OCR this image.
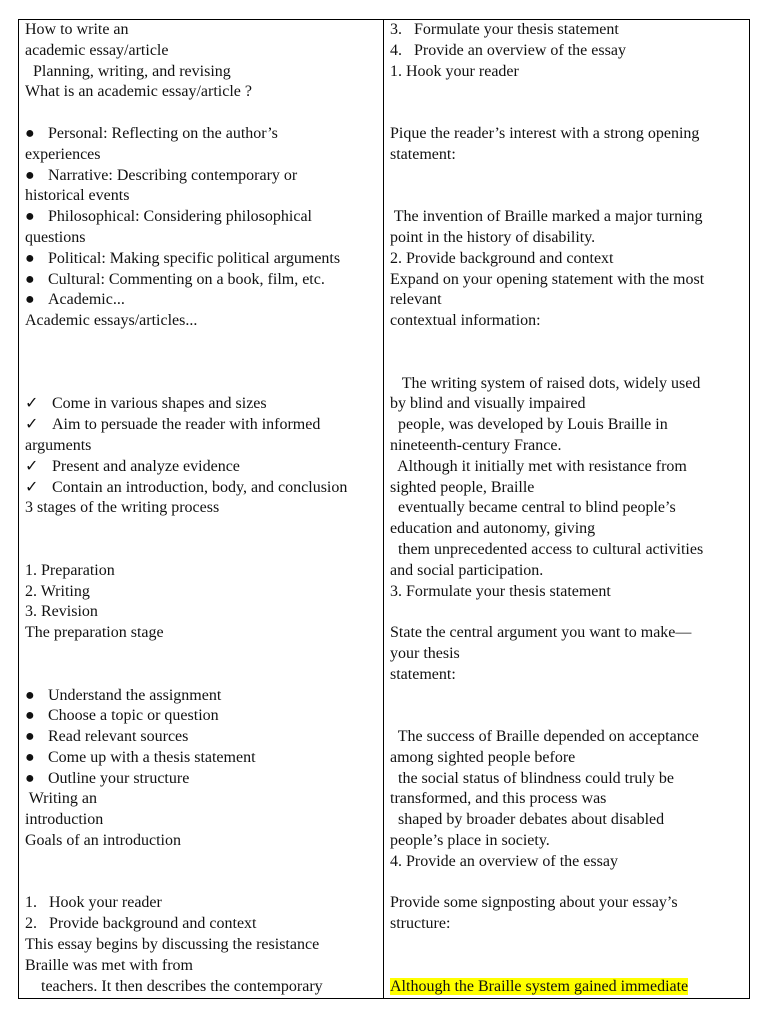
How to write an
academic essay/article
Planning, writing, and revising
What is an academic essay/article ?
● Personal: Reflecting on the author’s
experiences
● Narrative: Describing contemporary or
historical events
● Philosophical: Considering philosophical
questions
● Political: Making specific political arguments
● Cultural: Commenting on a book, film, etc.
● Academic...
Academic essays/articles...
✓ Come in various shapes and sizes
✓ Aim to persuade the reader with informed
arguments
✓ Present and analyze evidence
✓ Contain an introduction, body, and conclusion
3 stages of the writing process
1. Preparation
2. Writing
3. Revision
The preparation stage
● Understand the assignment
● Choose a topic or question
● Read relevant sources
● Come up with a thesis statement
● Outline your structure
Writing an
introduction
Goals of an introduction
1.   Hook your reader
2.   Provide background and context
This essay begins by discussing the resistance
Braille was met with from
teachers. It then describes the contemporary
3.   Formulate your thesis statement
4.   Provide an overview of the essay
1. Hook your reader
Pique the reader’s interest with a strong opening
statement:
The invention of Braille marked a major turning
point in the history of disability.
2. Provide background and context
Expand on your opening statement with the most
relevant
contextual information:
The writing system of raised dots, widely used
by blind and visually impaired
people, was developed by Louis Braille in
nineteenth-century France.
Although it initially met with resistance from
sighted people, Braille
eventually became central to blind people’s
education and autonomy, giving
them unprecedented access to cultural activities
and social participation.
3. Formulate your thesis statement
State the central argument you want to make—
your thesis
statement:
The success of Braille depended on acceptance
among sighted people before
the social status of blindness could truly be
transformed, and this process was
shaped by broader debates about disabled
people’s place in society.
4. Provide an overview of the essay
Provide some signposting about your essay’s
structure:
Although the Braille system gained immediate
